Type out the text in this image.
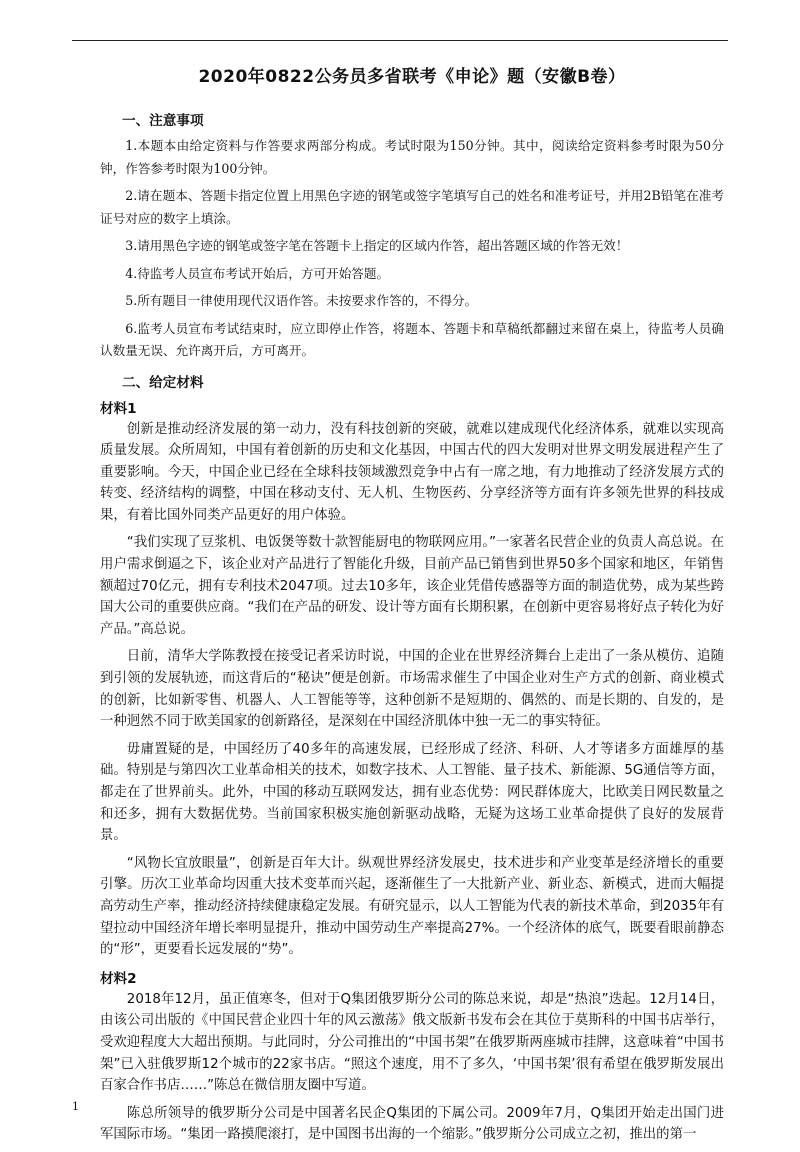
2020年0822公务员多省联考《申论》题（安徽B卷）
一、注意事项

1.本题本由给定资料与作答要求两部分构成。考试时限为150分钟。其中，阅读给定资料参考时限为50分钟，作答参考时限为100分钟。

2.请在题本、答题卡指定位置上用黑色字迹的钢笔或签字笔填写自己的姓名和准考证号，并用2B铅笔在准考证号对应的数字上填涂。

3.请用黑色字迹的钢笔或签字笔在答题卡上指定的区域内作答，超出答题区域的作答无效！

4.待监考人员宣布考试开始后，方可开始答题。

5.所有题目一律使用现代汉语作答。未按要求作答的，不得分。

6.监考人员宣布考试结束时，应立即停止作答，将题本、答题卡和草稿纸都翻过来留在桌上，待监考人员确认数量无误、允许离开后，方可离开。

二、给定材料
材料1

创新是推动经济发展的第一动力，没有科技创新的突破，就难以建成现代化经济体系，就难以实现高质量发展。众所周知，中国有着创新的历史和文化基因，中国古代的四大发明对世界文明发展进程产生了重要影响。今天，中国企业已经在全球科技领域激烈竞争中占有一席之地，有力地推动了经济发展方式的转变、经济结构的调整，中国在移动支付、无人机、生物医药、分享经济等方面有许多领先世界的科技成果，有着比国外同类产品更好的用户体验。

“我们实现了豆浆机、电饭煲等数十款智能厨电的物联网应用。”一家著名民营企业的负责人高总说。在用户需求倒逼之下，该企业对产品进行了智能化升级，目前产品已销售到世界50多个国家和地区，年销售额超过70亿元，拥有专利技术2047项。过去10多年，该企业凭借传感器等方面的制造优势，成为某些跨国大公司的重要供应商。“我们在产品的研发、设计等方面有长期积累，在创新中更容易将好点子转化为好产品。”高总说。

日前，清华大学陈教授在接受记者采访时说，中国的企业在世界经济舞台上走出了一条从模仿、追随到引领的发展轨迹，而这背后的“秘诀”便是创新。市场需求催生了中国企业对生产方式的创新、商业模式的创新，比如新零售、机器人、人工智能等等，这种创新不是短期的、偶然的、而是长期的、自发的，是一种迥然不同于欧美国家的创新路径，是深刻在中国经济肌体中独一无二的事实特征。

毋庸置疑的是，中国经历了40多年的高速发展，已经形成了经济、科研、人才等诸多方面雄厚的基础。特别是与第四次工业革命相关的技术，如数字技术、人工智能、量子技术、新能源、5G通信等方面，都走在了世界前头。此外，中国的移动互联网发达，拥有业态优势：网民群体庞大，比欧美日网民数量之和还多，拥有大数据优势。当前国家积极实施创新驱动战略，无疑为这场工业革命提供了良好的发展背景。

“风物长宜放眼量”，创新是百年大计。纵观世界经济发展史，技术进步和产业变革是经济增长的重要引擎。历次工业革命均因重大技术变革而兴起，逐渐催生了一大批新产业、新业态、新模式，进而大幅提高劳动生产率，推动经济持续健康稳定发展。有研究显示，以人工智能为代表的新技术革命，到2035年有望拉动中国经济年增长率明显提升，推动中国劳动生产率提高27%。一个经济体的底气，既要看眼前静态的“形”，更要看长远发展的“势”。

材料2

2018年12月，虽正值寒冬，但对于Q集团俄罗斯分公司的陈总来说，却是“热浪”迭起。12月14日，由该公司出版的《中国民营企业四十年的风云激荡》俄文版新书发布会在其位于莫斯科的中国书店举行，受欢迎程度大大超出预期。与此同时，分公司推出的“中国书架”在俄罗斯两座城市挂牌，这意味着“中国书架”已入驻俄罗斯12个城市的22家书店。“照这个速度，用不了多久，‘中国书架’很有希望在俄罗斯发展出百家合作书店……”陈总在微信朋友圈中写道。

陈总所领导的俄罗斯分公司是中国著名民企Q集团的下属公司。2009年7月，Q集团开始走出国门进军国际市场。“集团一路摸爬滚打，是中国图书出海的一个缩影。”俄罗斯分公司成立之初，推出的第一

1
